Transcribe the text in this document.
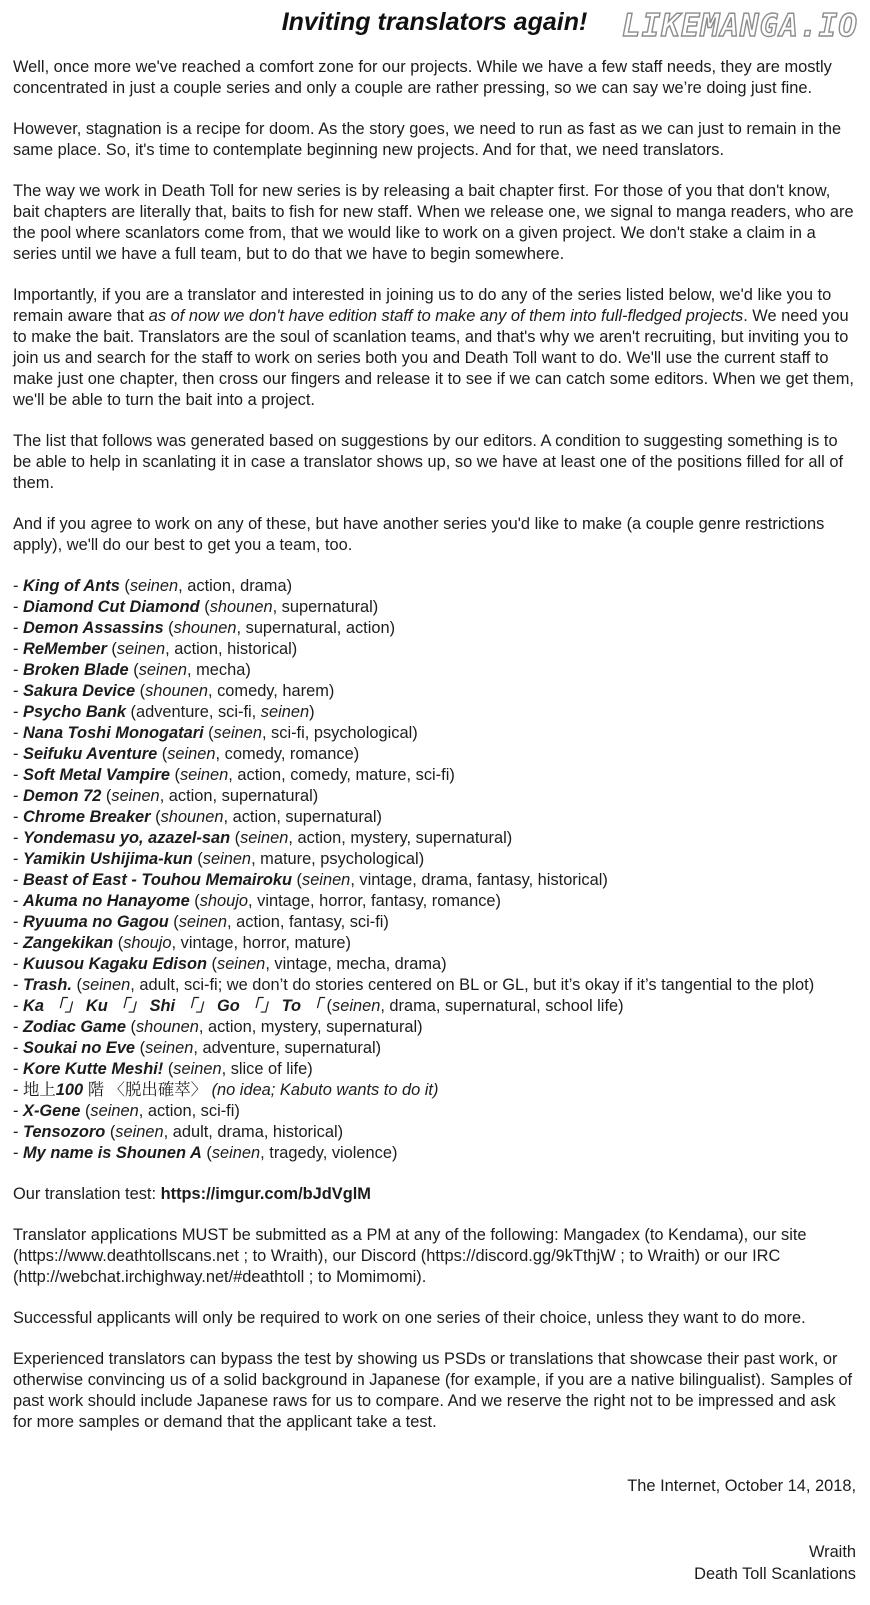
LIKEMANGA.IO
Inviting translators again!

Well, once more we've reached a comfort zone for our projects. While we have a few staff needs, they are mostly concentrated in just a couple series and only a couple are rather pressing, so we can say we’re doing just fine.

However, stagnation is a recipe for doom. As the story goes, we need to run as fast as we can just to remain in the same place. So, it's time to contemplate beginning new projects. And for that, we need translators.

The way we work in Death Toll for new series is by releasing a bait chapter first. For those of you that don't know, bait chapters are literally that, baits to fish for new staff. When we release one, we signal to manga readers, who are the pool where scanlators come from, that we would like to work on a given project. We don't stake a claim in a series until we have a full team, but to do that we have to begin somewhere.

Importantly, if you are a translator and interested in joining us to do any of the series listed below, we'd like you to remain aware that as of now we don't have edition staff to make any of them into full-fledged projects. We need you to make the bait. Translators are the soul of scanlation teams, and that's why we aren't recruiting, but inviting you to join us and search for the staff to work on series both you and Death Toll want to do. We'll use the current staff to make just one chapter, then cross our fingers and release it to see if we can catch some editors. When we get them, we'll be able to turn the bait into a project.

The list that follows was generated based on suggestions by our editors. A condition to suggesting something is to be able to help in scanlating it in case a translator shows up, so we have at least one of the positions filled for all of them.

And if you agree to work on any of these, but have another series you'd like to make (a couple genre restrictions apply), we'll do our best to get you a team, too.

- King of Ants (seinen, action, drama)
- Diamond Cut Diamond (shounen, supernatural)
- Demon Assassins (shounen, supernatural, action)
- ReMember (seinen, action, historical)
- Broken Blade (seinen, mecha)
- Sakura Device (shounen, comedy, harem)
- Psycho Bank (adventure, sci-fi, seinen)
- Nana Toshi Monogatari (seinen, sci-fi, psychological)
- Seifuku Aventure (seinen, comedy, romance)
- Soft Metal Vampire (seinen, action, comedy, mature, sci-fi)
- Demon 72 (seinen, action, supernatural)
- Chrome Breaker (shounen, action, supernatural)
- Yondemasu yo, azazel-san (seinen, action, mystery, supernatural)
- Yamikin Ushijima-kun (seinen, mature, psychological)
- Beast of East - Touhou Memairoku (seinen, vintage, drama, fantasy, historical)
- Akuma no Hanayome (shoujo, vintage, horror, fantasy, romance)
- Ryuuma no Gagou (seinen, action, fantasy, sci-fi)
- Zangekikan (shoujo, vintage, horror, mature)
- Kuusou Kagaku Edison (seinen, vintage, mecha, drama)
- Trash. (seinen, adult, sci-fi; we don’t do stories centered on BL or GL, but it’s okay if it’s tangential to the plot)
- Ka 「」 Ku 「」 Shi 「」 Go 「」 To 「 (seinen, drama, supernatural, school life)
- Zodiac Game (shounen, action, mystery, supernatural)
- Soukai no Eve (seinen, adventure, supernatural)
- Kore Kutte Meshi! (seinen, slice of life)
- 地上100 階 〈脱出確萃〉 (no idea; Kabuto wants to do it)
- X-Gene (seinen, action, sci-fi)
- Tensozoro (seinen, adult, drama, historical)
- My name is Shounen A (seinen, tragedy, violence)

Our translation test: https://imgur.com/bJdVglM

Translator applications MUST be submitted as a PM at any of the following: Mangadex (to Kendama), our site (https://www.deathtollscans.net ; to Wraith), our Discord (https://discord.gg/9kTthjW ; to Wraith) or our IRC (http://webchat.irchighway.net/#deathtoll ; to Momimomi).

Successful applicants will only be required to work on one series of their choice, unless they want to do more.

Experienced translators can bypass the test by showing us PSDs or translations that showcase their past work, or otherwise convincing us of a solid background in Japanese (for example, if you are a native bilingualist). Samples of past work should include Japanese raws for us to compare. And we reserve the right not to be impressed and ask for more samples or demand that the applicant take a test.

The Internet, October 14, 2018,

Wraith

Death Toll Scanlations
